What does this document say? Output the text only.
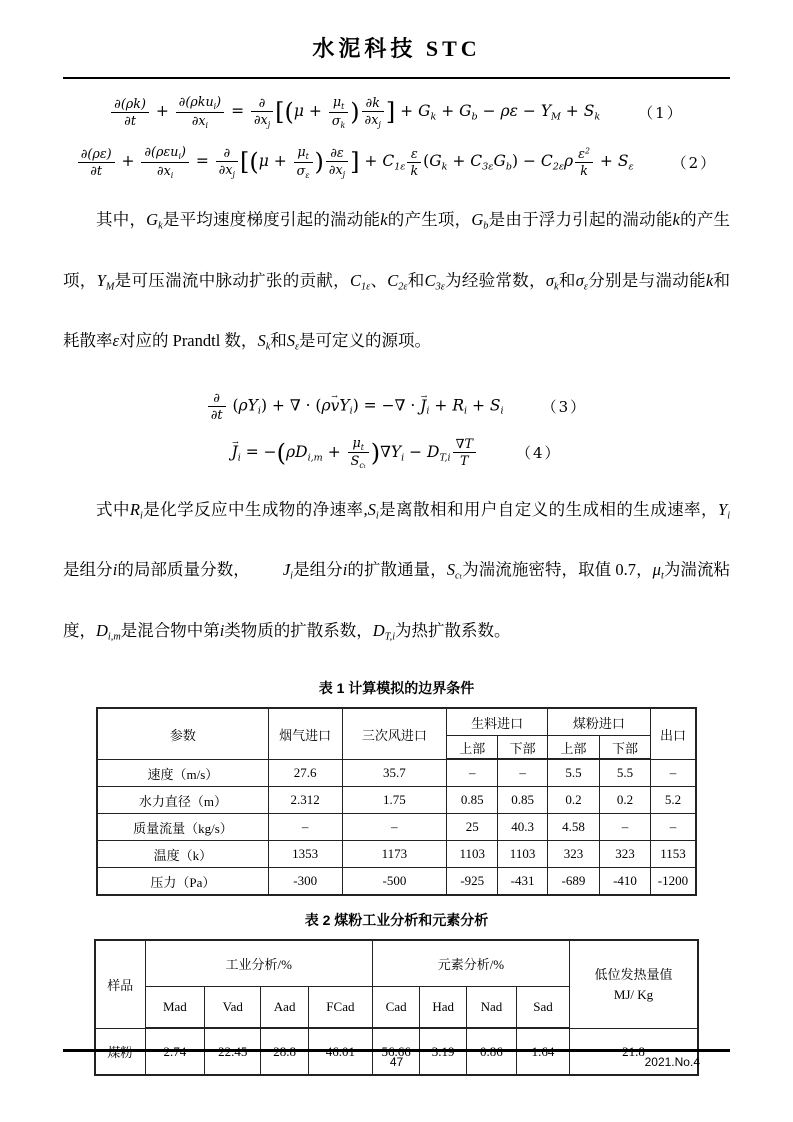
水泥科技 STC
$\frac{\partial(\rho k)}{\partial t} + \frac{\partial(\rho ku_i)}{\partial x_i} = \frac{\partial}{\partial x_j} [(\mu + \frac{\mu_t}{\sigma_k}$ ) $\frac{\partial k}{\partial x_j}$ ] + $G_k + G_b - \rho\varepsilon - Y_M + S_k$	（1）
$\frac{\partial(\rho\varepsilon)}{\partial t} + \frac{\partial(\rho\varepsilon u_i)}{\partial x_i} = \frac{\partial}{\partial x_j} [(\mu + \frac{\mu_t}{\sigma_\varepsilon}$ ) $\frac{\partial\varepsilon}{\partial x_j}$ ] + $C_{1\varepsilon} \frac{\varepsilon}{k} (G_k + C_{3\varepsilon}G_b) - C_{2\varepsilon}\rho \frac{\varepsilon^2}{k} + S_\varepsilon$	（2）

其中，$G_k$是平均速度梯度引起的湍动能k的产生项，$G_b$是由于浮力引起的湍动能k的产生项，$Y_M$是可压湍流中脉动扩张的贡献，$C_{1\varepsilon}$、$C_{2\varepsilon}$和$C_{3\varepsilon}$为经验常数，$\sigma_k$和$\sigma_\varepsilon$分别是与湍动能k和耗散率ε对应的 Prandtl 数，$S_k$和$S_\varepsilon$是可定义的源项。

$\frac{\partial}{\partial t} (\rho Y_i)$ + ∇ · $(\rho v \to Y_i)$ = −∇ · $J \to_i + R_i + S_i$	（3）
$J \to_i = -(\rho D_{i,m} + \frac{\mu_t}{S_{c_t}} )\nabla Y_i - D_{T,i} \frac{\nabla T}{T}$	（4）

式中$R_i$是化学反应中生成物的净速率$,S_i$是离散相和用户自定义的生成相的生成速率，$Y_i$是组分i的局部质量分数， $J \to_i$是组分i的扩散通量，$S_{c_t}$为湍流施密特，取值 0.7，$\mu_t$为湍流粘度，$D_{i,m}$是混合物中第i类物质的扩散系数，$D_{T,i}$为热扩散系数。

表 1 计算模拟的边界条件
参数	烟气进口	三次风进口	生料进口		煤粉进口		出口
			上部	下部	上部	下部	
速度（m/s）	27.6	35.7	–	–	5.5	5.5	–
水力直径（m）	2.312	1.75	0.85	0.85	0.2	0.2	5.2
质量流量（kg/s）	–	–	25	40.3	4.58	–	–
温度（k）	1353	1173	1103	1103	323	323	1153
压力（Pa）	-300	-500	-925	-431	-689	-410	-1200
表 2 煤粉工业分析和元素分析
样品	工业分析/%				元素分析/%				低位发热量值
MJ/ Kg

	Mad	Vad	Aad	FCad	Cad	Had	Nad	Sad	
煤粉	2.74	22.45	28.8	46.01	56.66	3.19	0.86	1.64	21.8
47	2021.No.4
